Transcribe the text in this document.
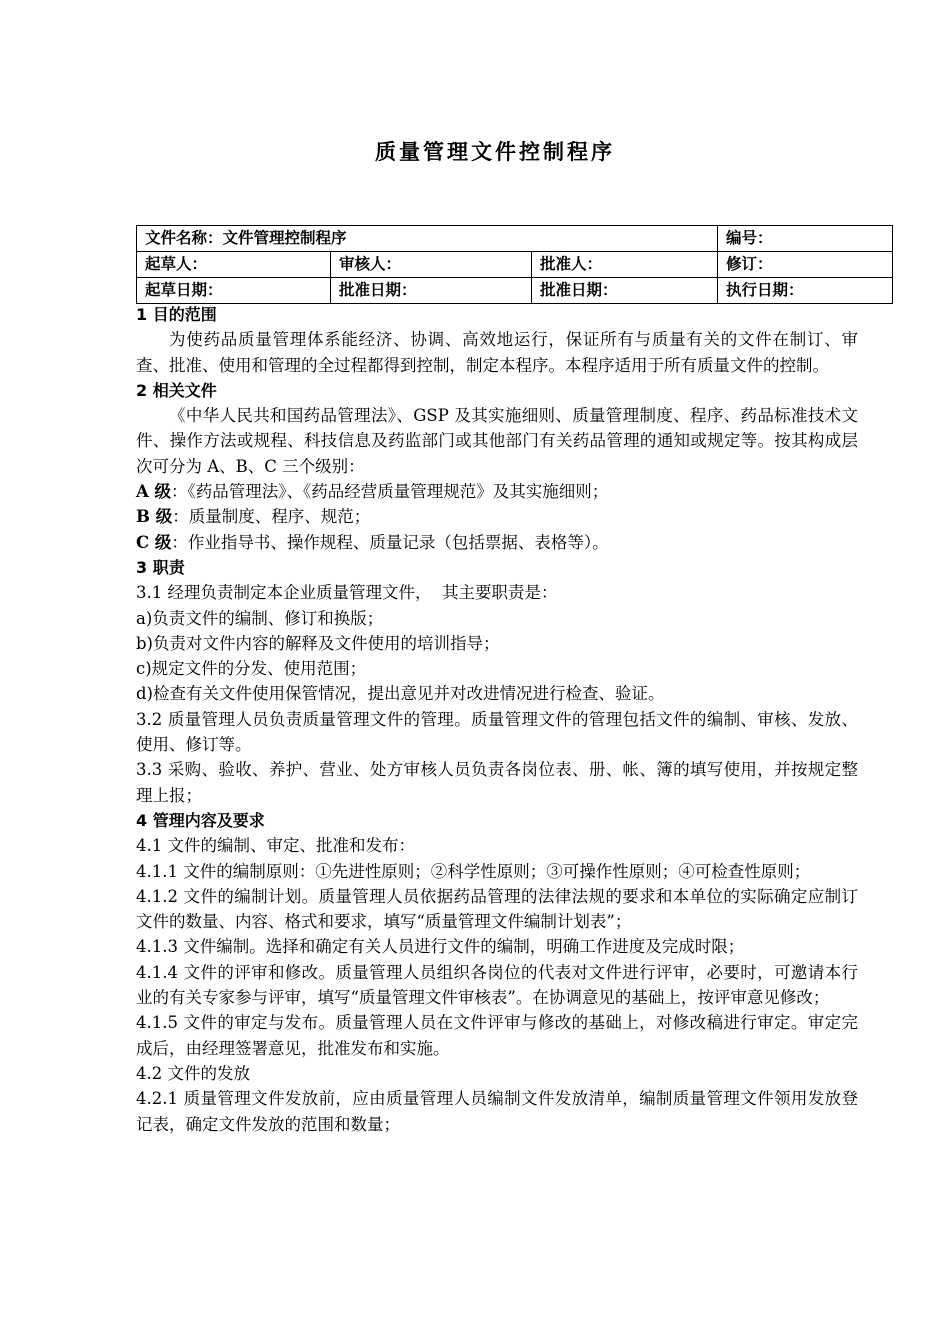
质量管理文件控制程序
文件名称：文件管理控制程序			编号：
起草人：	审核人：	批准人：	修订：
起草日期：	批准日期：	批准日期：	执行日期：

1 目的范围

为使药品质量管理体系能经济、协调、高效地运行，保证所有与质量有关的文件在制订、审查、批准、使用和管理的全过程都得到控制，制定本程序。本程序适用于所有质量文件的控制。

2 相关文件

《中华人民共和国药品管理法》、GSP 及其实施细则、质量管理制度、程序、药品标准技术文件、操作方法或规程、科技信息及药监部门或其他部门有关药品管理的通知或规定等。按其构成层次可分为 A、B、C 三个级别：

A 级：《药品管理法》、《药品经营质量管理规范》及其实施细则；

B 级：质量制度、程序、规范；

C 级：作业指导书、操作规程、质量记录（包括票据、表格等）。

3 职责

3.1 经理负责制定本企业质量管理文件，  其主要职责是：

a)负责文件的编制、修订和换版；

b)负责对文件内容的解释及文件使用的培训指导；

c)规定文件的分发、使用范围；

d)检查有关文件使用保管情况，提出意见并对改进情况进行检查、验证。

3.2 质量管理人员负责质量管理文件的管理。质量管理文件的管理包括文件的编制、审核、发放、使用、修订等。

3.3 采购、验收、养护、营业、处方审核人员负责各岗位表、册、帐、簿的填写使用，并按规定整理上报；

4 管理内容及要求

4.1 文件的编制、审定、批准和发布：

4.1.1 文件的编制原则：①先进性原则；②科学性原则；③可操作性原则；④可检查性原则；

4.1.2 文件的编制计划。质量管理人员依据药品管理的法律法规的要求和本单位的实际确定应制订文件的数量、内容、格式和要求，填写“质量管理文件编制计划表”；

4.1.3 文件编制。选择和确定有关人员进行文件的编制，明确工作进度及完成时限；

4.1.4 文件的评审和修改。质量管理人员组织各岗位的代表对文件进行评审，必要时，可邀请本行业的有关专家参与评审，填写“质量管理文件审核表”。在协调意见的基础上，按评审意见修改；

4.1.5 文件的审定与发布。质量管理人员在文件评审与修改的基础上，对修改稿进行审定。审定完成后，由经理签署意见，批准发布和实施。

4.2 文件的发放

4.2.1 质量管理文件发放前，应由质量管理人员编制文件发放清单，编制质量管理文件领用发放登记表，确定文件发放的范围和数量；
